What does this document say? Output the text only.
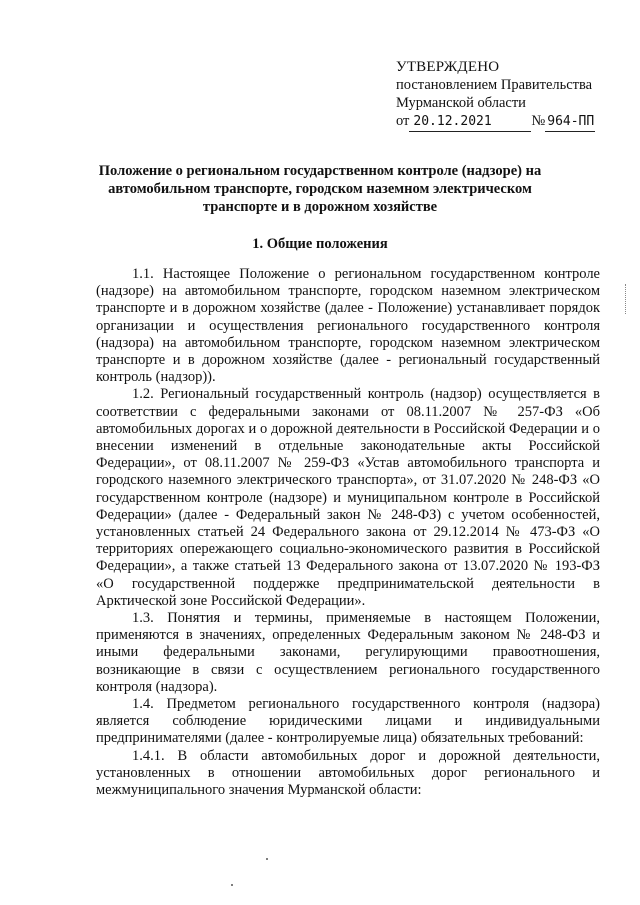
УТВЕРЖДЕНО
постановлением Правительства
Мурманской области
от 20.12.2021	№ 964-ПП
Положение о региональном государственном контроле (надзоре) на автомобильном транспорте, городском наземном электрическом транспорте и в дорожном хозяйстве
1. Общие положения

1.1. Настоящее Положение о региональном государственном контроле (надзоре) на автомобильном транспорте, городском наземном электрическом транспорте и в дорожном хозяйстве (далее - Положение) устанавливает порядок организации и осуществления регионального государственного контроля (надзора) на автомобильном транспорте, городском наземном электрическом транспорте и в дорожном хозяйстве (далее - региональный государственный контроль (надзор)).

1.2. Региональный государственный контроль (надзор) осуществляется в соответствии с федеральными законами от 08.11.2007 № 257-ФЗ «Об автомобильных дорогах и о дорожной деятельности в Российской Федерации и о внесении изменений в отдельные законодательные акты Российской Федерации», от 08.11.2007 № 259-ФЗ «Устав автомобильного транспорта и городского наземного электрического транспорта», от 31.07.2020 № 248-ФЗ «О государственном контроле (надзоре) и муниципальном контроле в Российской Федерации» (далее - Федеральный закон № 248-ФЗ) с учетом особенностей, установленных статьей 24 Федерального закона от 29.12.2014 № 473-ФЗ «О территориях опережающего социально-экономического развития в Российской Федерации», а также статьей 13 Федерального закона от 13.07.2020 № 193-ФЗ «О государственной поддержке предпринимательской деятельности в Арктической зоне Российской Федерации».

1.3. Понятия и термины, применяемые в настоящем Положении, применяются в значениях, определенных Федеральным законом № 248-ФЗ и иными федеральными законами, регулирующими правоотношения, возникающие в связи с осуществлением регионального государственного контроля (надзора).

1.4. Предметом регионального государственного контроля (надзора) является соблюдение юридическими лицами и индивидуальными предпринимателями (далее - контролируемые лица) обязательных требований:

1.4.1. В области автомобильных дорог и дорожной деятельности, установленных в отношении автомобильных дорог регионального и межмуниципального значения Мурманской области:
